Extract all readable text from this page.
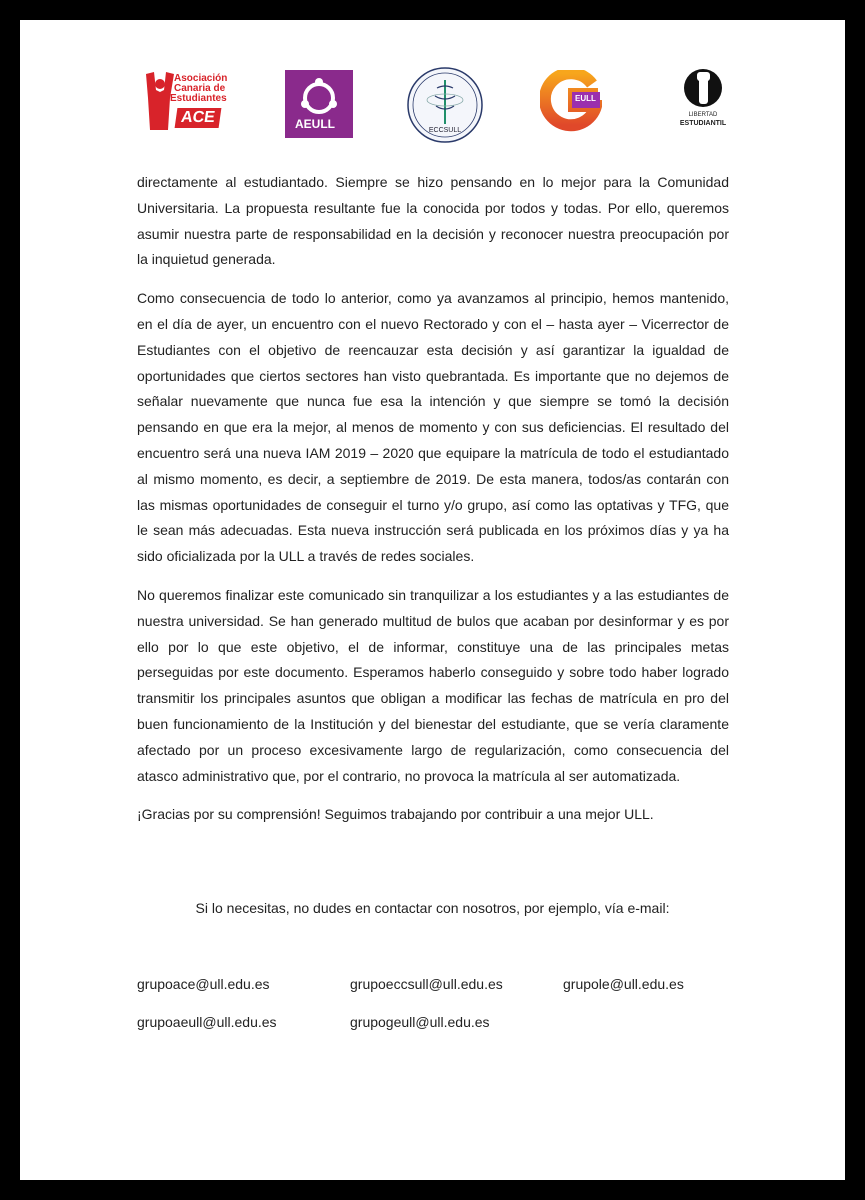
Asociación
Canaria de
Estudiantes
ACE	AEULL	ECCSULL
EULL
LIBERTAD
ESTUDIANTIL

directamente al estudiantado. Siempre se hizo pensando en lo mejor para la Comunidad Universitaria. La propuesta resultante fue la conocida por todos y todas. Por ello, queremos asumir nuestra parte de responsabilidad en la decisión y reconocer nuestra preocupación por la inquietud generada.

Como consecuencia de todo lo anterior, como ya avanzamos al principio, hemos mantenido, en el día de ayer, un encuentro con el nuevo Rectorado y con el – hasta ayer – Vicerrector de Estudiantes con el objetivo de reencauzar esta decisión y así garantizar la igualdad de oportunidades que ciertos sectores han visto quebrantada. Es importante que no dejemos de señalar nuevamente que nunca fue esa la intención y que siempre se tomó la decisión pensando en que era la mejor, al menos de momento y con sus deficiencias. El resultado del encuentro será una nueva IAM 2019 – 2020 que equipare la matrícula de todo el estudiantado al mismo momento, es decir, a septiembre de 2019. De esta manera, todos/as contarán con las mismas oportunidades de conseguir el turno y/o grupo, así como las optativas y TFG, que le sean más adecuadas. Esta nueva instrucción será publicada en los próximos días y ya ha sido oficializada por la ULL a través de redes sociales.

No queremos finalizar este comunicado sin tranquilizar a los estudiantes y a las estudiantes de nuestra universidad. Se han generado multitud de bulos que acaban por desinformar y es por ello por lo que este objetivo, el de informar, constituye una de las principales metas perseguidas por este documento. Esperamos haberlo conseguido y sobre todo haber logrado transmitir los principales asuntos que obligan a modificar las fechas de matrícula en pro del buen funcionamiento de la Institución y del bienestar del estudiante, que se vería claramente afectado por un proceso excesivamente largo de regularización, como consecuencia del atasco administrativo que, por el contrario, no provoca la matrícula al ser automatizada.

¡Gracias por su comprensión! Seguimos trabajando por contribuir a una mejor ULL.

Si lo necesitas, no dudes en contactar con nosotros, por ejemplo, vía e-mail:
grupoace@ull.edu.es	grupoeccsull@ull.edu.es	grupole@ull.edu.es
grupoaeull@ull.edu.es	grupogeull@ull.edu.es
